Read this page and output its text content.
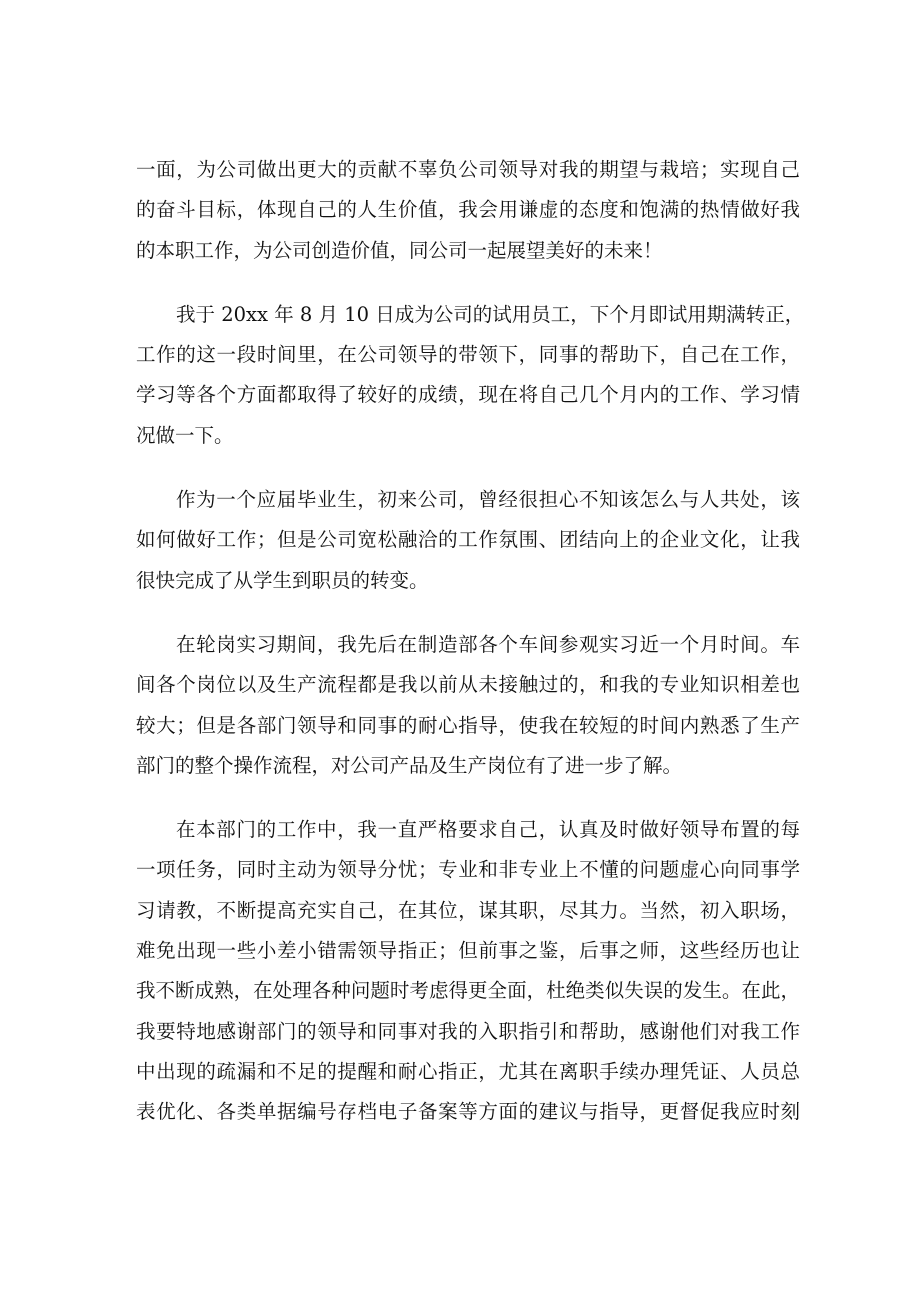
一面，为公司做出更大的贡献不辜负公司领导对我的期望与栽培；实现自己
的奋斗目标，体现自己的人生价值，我会用谦虚的态度和饱满的热情做好我
的本职工作，为公司创造价值，同公司一起展望美好的未来！
我于 20xx 年 8 月 10 日成为公司的试用员工，下个月即试用期满转正，
工作的这一段时间里，在公司领导的带领下，同事的帮助下，自己在工作，
学习等各个方面都取得了较好的成绩，现在将自己几个月内的工作、学习情
况做一下。
作为一个应届毕业生，初来公司，曾经很担心不知该怎么与人共处，该
如何做好工作；但是公司宽松融洽的工作氛围、团结向上的企业文化，让我
很快完成了从学生到职员的转变。
在轮岗实习期间，我先后在制造部各个车间参观实习近一个月时间。车
间各个岗位以及生产流程都是我以前从未接触过的，和我的专业知识相差也
较大；但是各部门领导和同事的耐心指导，使我在较短的时间内熟悉了生产
部门的整个操作流程，对公司产品及生产岗位有了进一步了解。
在本部门的工作中，我一直严格要求自己，认真及时做好领导布置的每
一项任务，同时主动为领导分忧；专业和非专业上不懂的问题虚心向同事学
习请教，不断提高充实自己，在其位，谋其职，尽其力。当然，初入职场，
难免出现一些小差小错需领导指正；但前事之鉴，后事之师，这些经历也让
我不断成熟，在处理各种问题时考虑得更全面，杜绝类似失误的发生。在此，
我要特地感谢部门的领导和同事对我的入职指引和帮助，感谢他们对我工作
中出现的疏漏和不足的提醒和耐心指正，尤其在离职手续办理凭证、人员总
表优化、各类单据编号存档电子备案等方面的建议与指导，更督促我应时刻
